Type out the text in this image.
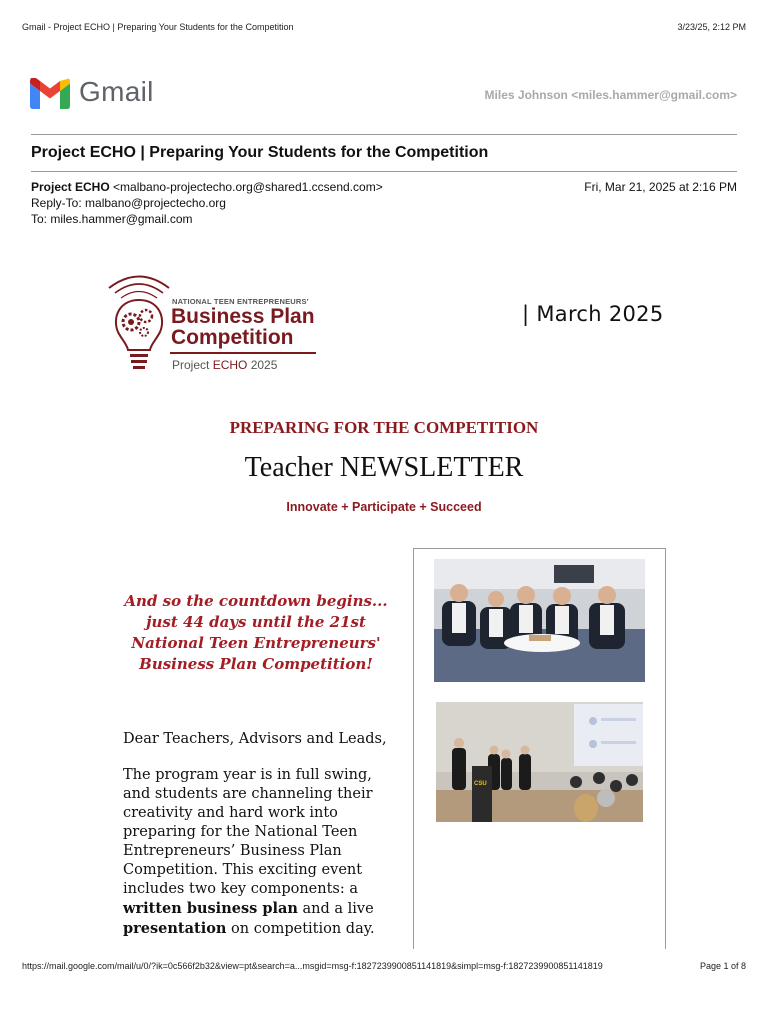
Gmail - Project ECHO | Preparing Your Students for the Competition	3/23/25, 2:12 PM
Gmail	Miles Johnson <miles.hammer@gmail.com>
Project ECHO | Preparing Your Students for the Competition
Project ECHO <malbano-projectecho.org@shared1.ccsend.com>
Reply-To: malbano@projectecho.org
To: miles.hammer@gmail.com
Fri, Mar 21, 2025 at 2:16 PM
NATIONAL TEEN ENTREPRENEURS'
Business Plan
Competition
Project ECHO 2025
| March 2025
PREPARING FOR THE COMPETITION
Teacher NEWSLETTER
Innovate + Participate + Succeed
And so the countdown begins... just 44 days until the 21st National Teen Entrepreneurs' Business Plan Competition!
Dear Teachers, Advisors and Leads,
The program year is in full swing, and students are channeling their creativity and hard work into preparing for the National Teen Entrepreneurs’ Business Plan Competition. This exciting event includes two key components: a written business plan and a live presentation on competition day.
CSU
https://mail.google.com/mail/u/0/?ik=0c566f2b32&view=pt&search=a...msgid=msg-f:1827239900851141819&simpl=msg-f:1827239900851141819	Page 1 of 8
